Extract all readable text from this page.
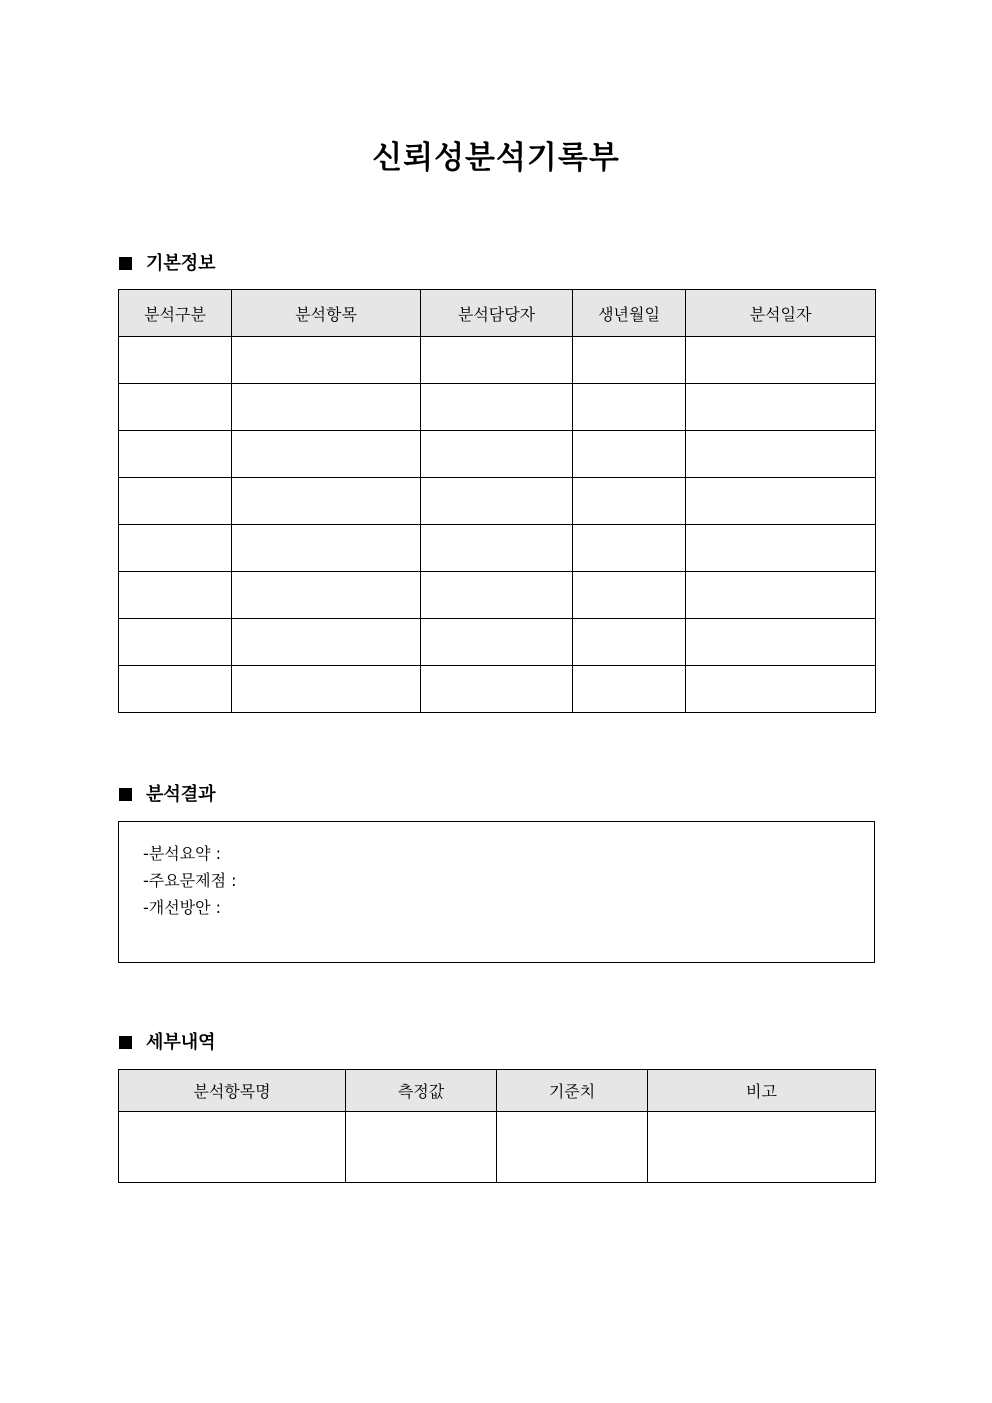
신뢰성분석기록부
기본정보
분석구분	분석항목	분석담당자	생년월일	분석일자

분석결과
-분석요약 :
-주요문제점 :
-개선방안 :
세부내역
분석항목명	측정값	기준치	비고
